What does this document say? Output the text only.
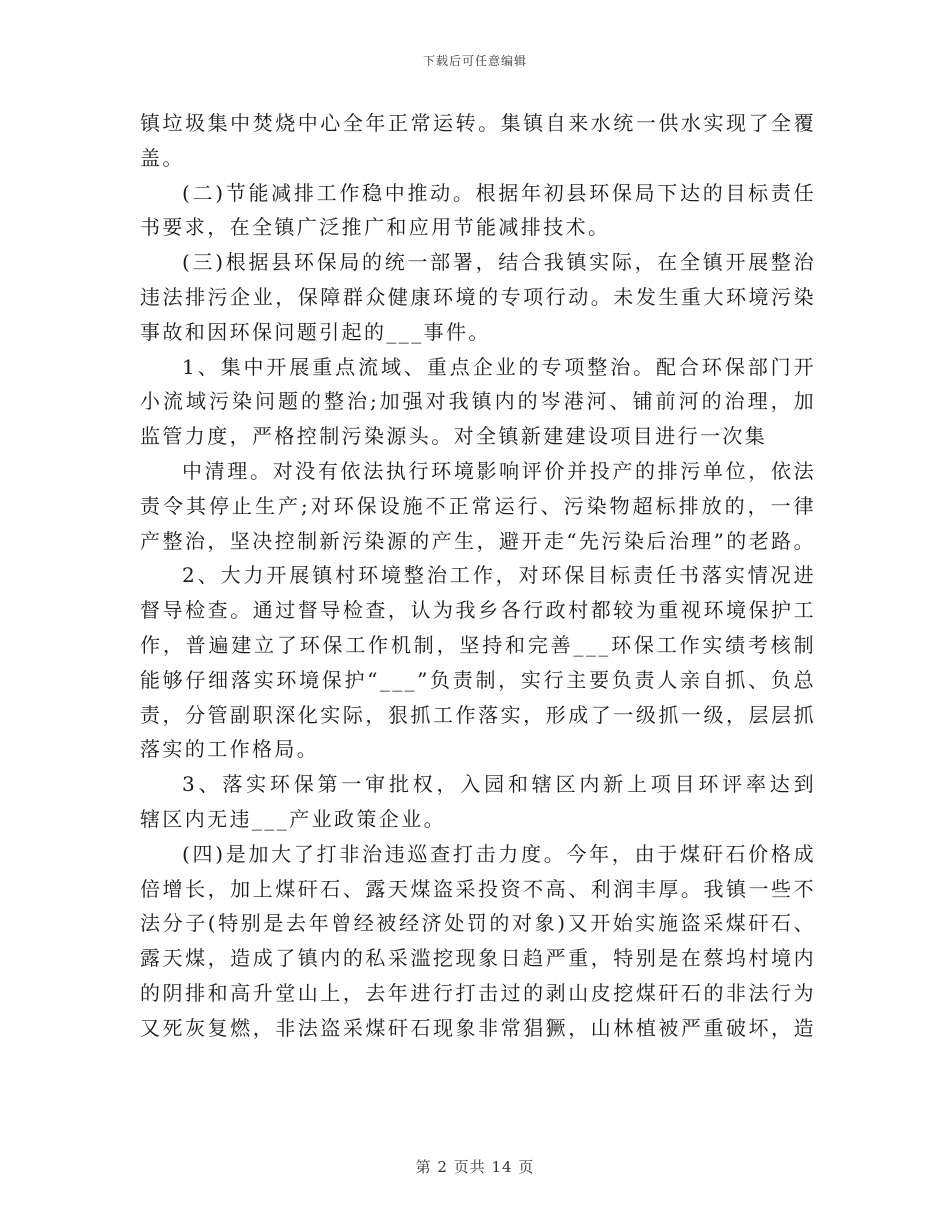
下载后可任意编辑
镇垃圾集中焚烧中心全年正常运转。集镇自来水统一供水实现了全覆
盖。
(二)节能减排工作稳中推动。根据年初县环保局下达的目标责任
书要求，在全镇广泛推广和应用节能减排技术。
(三)根据县环保局的统一部署，结合我镇实际，在全镇开展整治
违法排污企业，保障群众健康环境的专项行动。未发生重大环境污染
事故和因环保问题引起的___事件。
1、集中开展重点流域、重点企业的专项整治。配合环保部门开
小流域污染问题的整治;加强对我镇内的岑港河、铺前河的治理，加
监管力度，严格控制污染源头。对全镇新建建设项目进行一次集
中清理。对没有依法执行环境影响评价并投产的排污单位，依法
责令其停止生产;对环保设施不正常运行、污染物超标排放的，一律
产整治，坚决控制新污染源的产生，避开走“先污染后治理”的老路。
2、大力开展镇村环境整治工作，对环保目标责任书落实情况进
督导检查。通过督导检查，认为我乡各行政村都较为重视环境保护工
作，普遍建立了环保工作机制，坚持和完善___环保工作实绩考核制
能够仔细落实环境保护“___”负责制，实行主要负责人亲自抓、负总
责，分管副职深化实际，狠抓工作落实，形成了一级抓一级，层层抓
落实的工作格局。
3、落实环保第一审批权，入园和辖区内新上项目环评率达到
辖区内无违___产业政策企业。
(四)是加大了打非治违巡查打击力度。今年，由于煤矸石价格成
倍增长，加上煤矸石、露天煤盗采投资不高、利润丰厚。我镇一些不
法分子(特别是去年曾经被经济处罚的对象)又开始实施盗采煤矸石、
露天煤，造成了镇内的私采滥挖现象日趋严重，特别是在蔡坞村境内
的阴排和高升堂山上，去年进行打击过的剥山皮挖煤矸石的非法行为
又死灰复燃，非法盗采煤矸石现象非常猖獗，山林植被严重破坏，造
第 2 页共 14 页
